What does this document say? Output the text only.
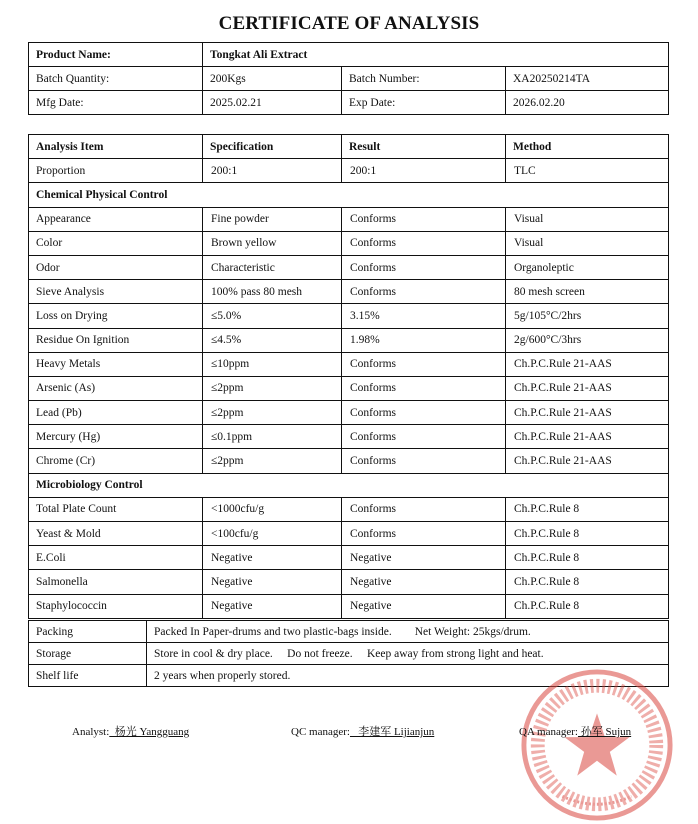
CERTIFICATE OF ANALYSIS
Product Name:	Tongkat Ali Extract		
Batch Quantity:	200Kgs	Batch Number:	XA20250214TA
Mfg Date:	2025.02.21	Exp Date:	2026.02.20
Analysis Item	Specification	Result	Method
Proportion	200:1	200:1	TLC
Chemical Physical Control			
Appearance	Fine powder	Conforms	Visual
Color	Brown yellow	Conforms	Visual
Odor	Characteristic	Conforms	Organoleptic
Sieve Analysis	100% pass 80 mesh	Conforms	80 mesh screen
Loss on Drying	≤5.0%	3.15%	5g/105°C/2hrs
Residue On Ignition	≤4.5%	1.98%	2g/600°C/3hrs
Heavy Metals	≤10ppm	Conforms	Ch.P.C.Rule 21-AAS
Arsenic (As)	≤2ppm	Conforms	Ch.P.C.Rule 21-AAS
Lead (Pb)	≤2ppm	Conforms	Ch.P.C.Rule 21-AAS
Mercury (Hg)	≤0.1ppm	Conforms	Ch.P.C.Rule 21-AAS
Chrome (Cr)	≤2ppm	Conforms	Ch.P.C.Rule 21-AAS
Microbiology Control			
Total Plate Count	<1000cfu/g	Conforms	Ch.P.C.Rule 8
Yeast & Mold	<100cfu/g	Conforms	Ch.P.C.Rule 8
E.Coli	Negative	Negative	Ch.P.C.Rule 8
Salmonella	Negative	Negative	Ch.P.C.Rule 8
Staphylococcin	Negative	Negative	Ch.P.C.Rule 8
Packing	Packed In Paper-drums and two plastic-bags inside.        Net Weight: 25kgs/drum.
Storage	Store in cool & dry place.     Do not freeze.     Keep away from strong light and heat.
Shelf life	2 years when properly stored.
Analyst:  杨光 Yangguang	QC manager:   李建军 Lijianjun	QA manager: 孙军 Sujun
